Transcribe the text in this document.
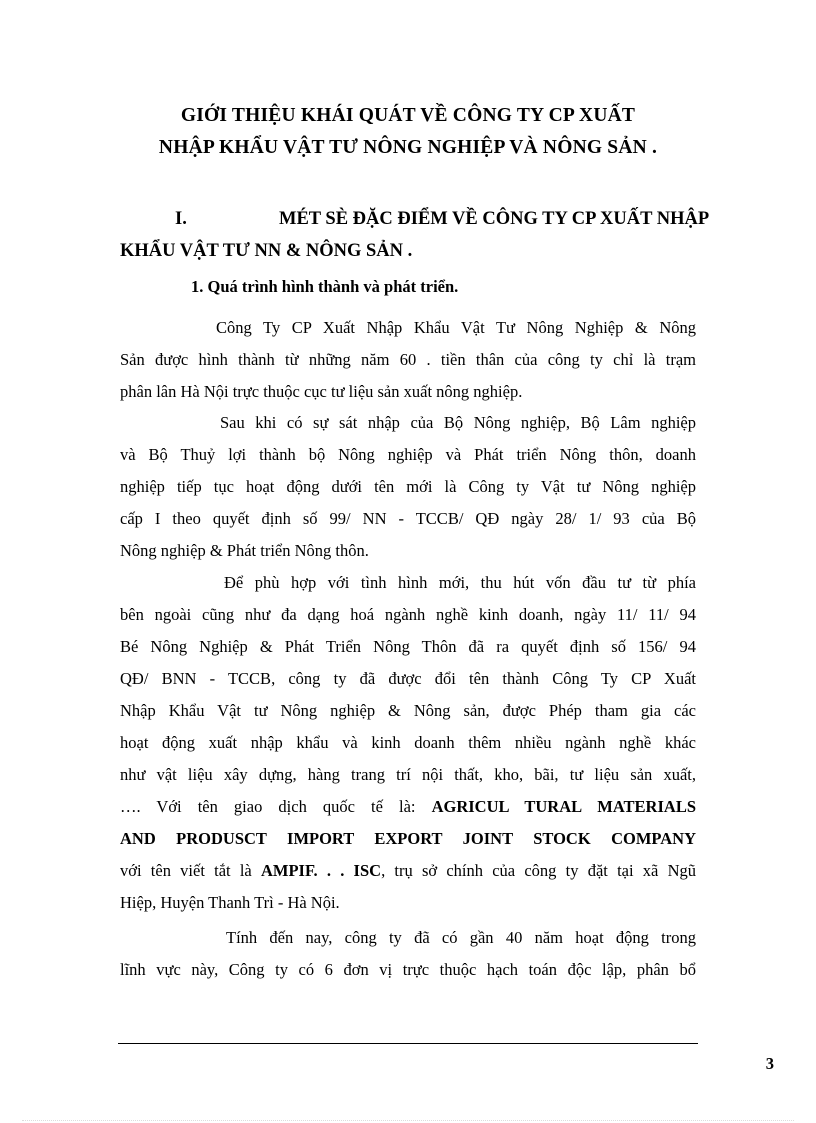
GIỚI THIỆU KHÁI QUÁT VỀ CÔNG TY CP XUẤT
NHẬP KHẨU VẬT TƯ NÔNG NGHIỆP VÀ NÔNG SẢN .
I.	MÉT SÈ ĐẶC ĐIỂM VỀ CÔNG TY CP XUẤT NHẬP
KHẨU VẬT TƯ NN & NÔNG SẢN .
1. Quá trình hình thành và phát triển.

Công Ty CP Xuất Nhập Khẩu Vật Tư Nông Nghiệp & Nông
Sản được hình thành từ những năm 60 . tiền thân của công ty chỉ là trạm
phân lân Hà Nội trực thuộc cục tư liệu sản xuất nông nghiệp.

Sau khi có sự sát nhập của Bộ Nông nghiệp, Bộ Lâm nghiệp
và Bộ Thuỷ lợi thành bộ Nông nghiệp và Phát triển Nông thôn, doanh
nghiệp tiếp tục hoạt động dưới tên mới là Công ty Vật tư Nông nghiệp
cấp I theo quyết định số 99/ NN - TCCB/ QĐ ngày 28/ 1/ 93 của Bộ
Nông nghiệp & Phát triển Nông thôn.

Để phù hợp với tình hình mới, thu hút vốn đầu tư từ phía
bên ngoài cũng như đa dạng hoá ngành nghề kinh doanh, ngày 11/ 11/ 94
Bé Nông Nghiệp & Phát Triển Nông Thôn đã ra quyết định số 156/ 94
QĐ/ BNN - TCCB, công ty đã được đổi tên thành Công Ty CP Xuất
Nhập Khẩu Vật tư Nông nghiệp & Nông sản, được Phép tham gia các
hoạt động xuất nhập khẩu và kinh doanh thêm nhiều ngành nghề khác
như vật liệu xây dựng, hàng trang trí nội thất, kho, bãi, tư liệu sản xuất,
…. Với tên giao dịch quốc tế là: AGRICUL TURAL MATERIALS
AND PRODUSCT IMPORT EXPORT JOINT STOCK COMPANY
với tên viết tắt là AMPIF. . . ISC, trụ sở chính của công ty đặt tại xã Ngũ
Hiệp, Huyện Thanh Trì - Hà Nội.

Tính đến nay, công ty đã có gần 40 năm hoạt động trong
lĩnh vực này, Công ty có 6 đơn vị trực thuộc hạch toán độc lập, phân bổ

3
